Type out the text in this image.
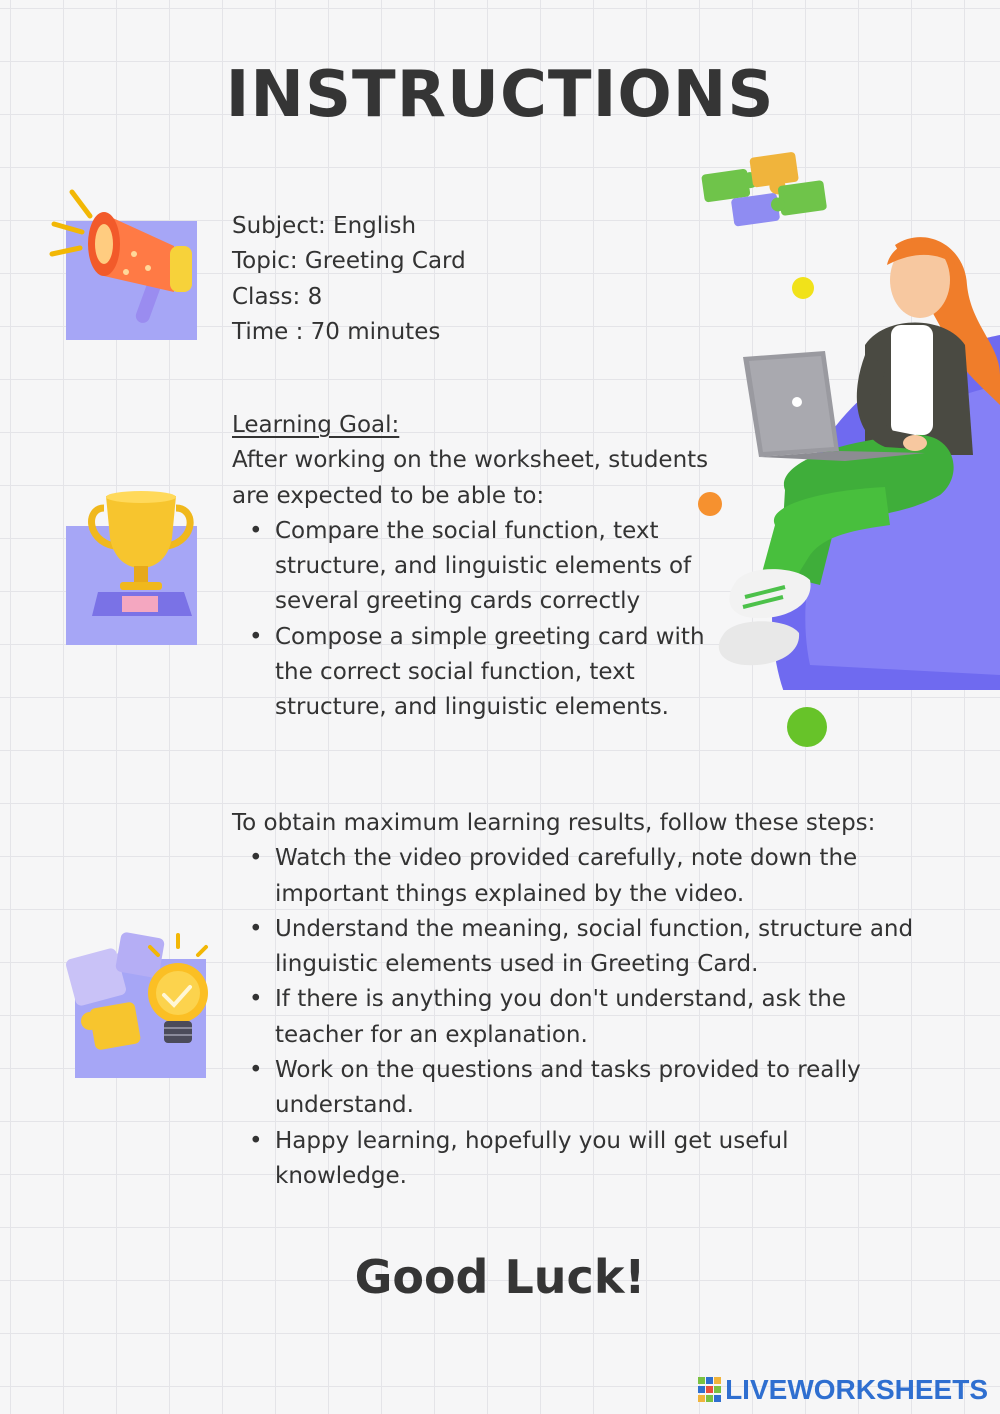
INSTRUCTIONS
Subject: English
Topic: Greeting Card
Class: 8
Time : 70 minutes
Learning Goal:
After working on the worksheet, students are expected to be able to:
• Compare the social function, text structure, and linguistic elements of several greeting cards correctly
• Compose a simple greeting card with the correct social function, text structure, and linguistic elements.
To obtain maximum learning results, follow these steps:
• Watch the video provided carefully, note down the important things explained by the video.
• Understand the meaning, social function, structure and linguistic elements used in Greeting Card.
• If there is anything you don't understand, ask the teacher for an explanation.
• Work on the questions and tasks provided to really understand.
• Happy learning, hopefully you will get useful knowledge.
Good Luck!
LIVEWORKSHEETS
